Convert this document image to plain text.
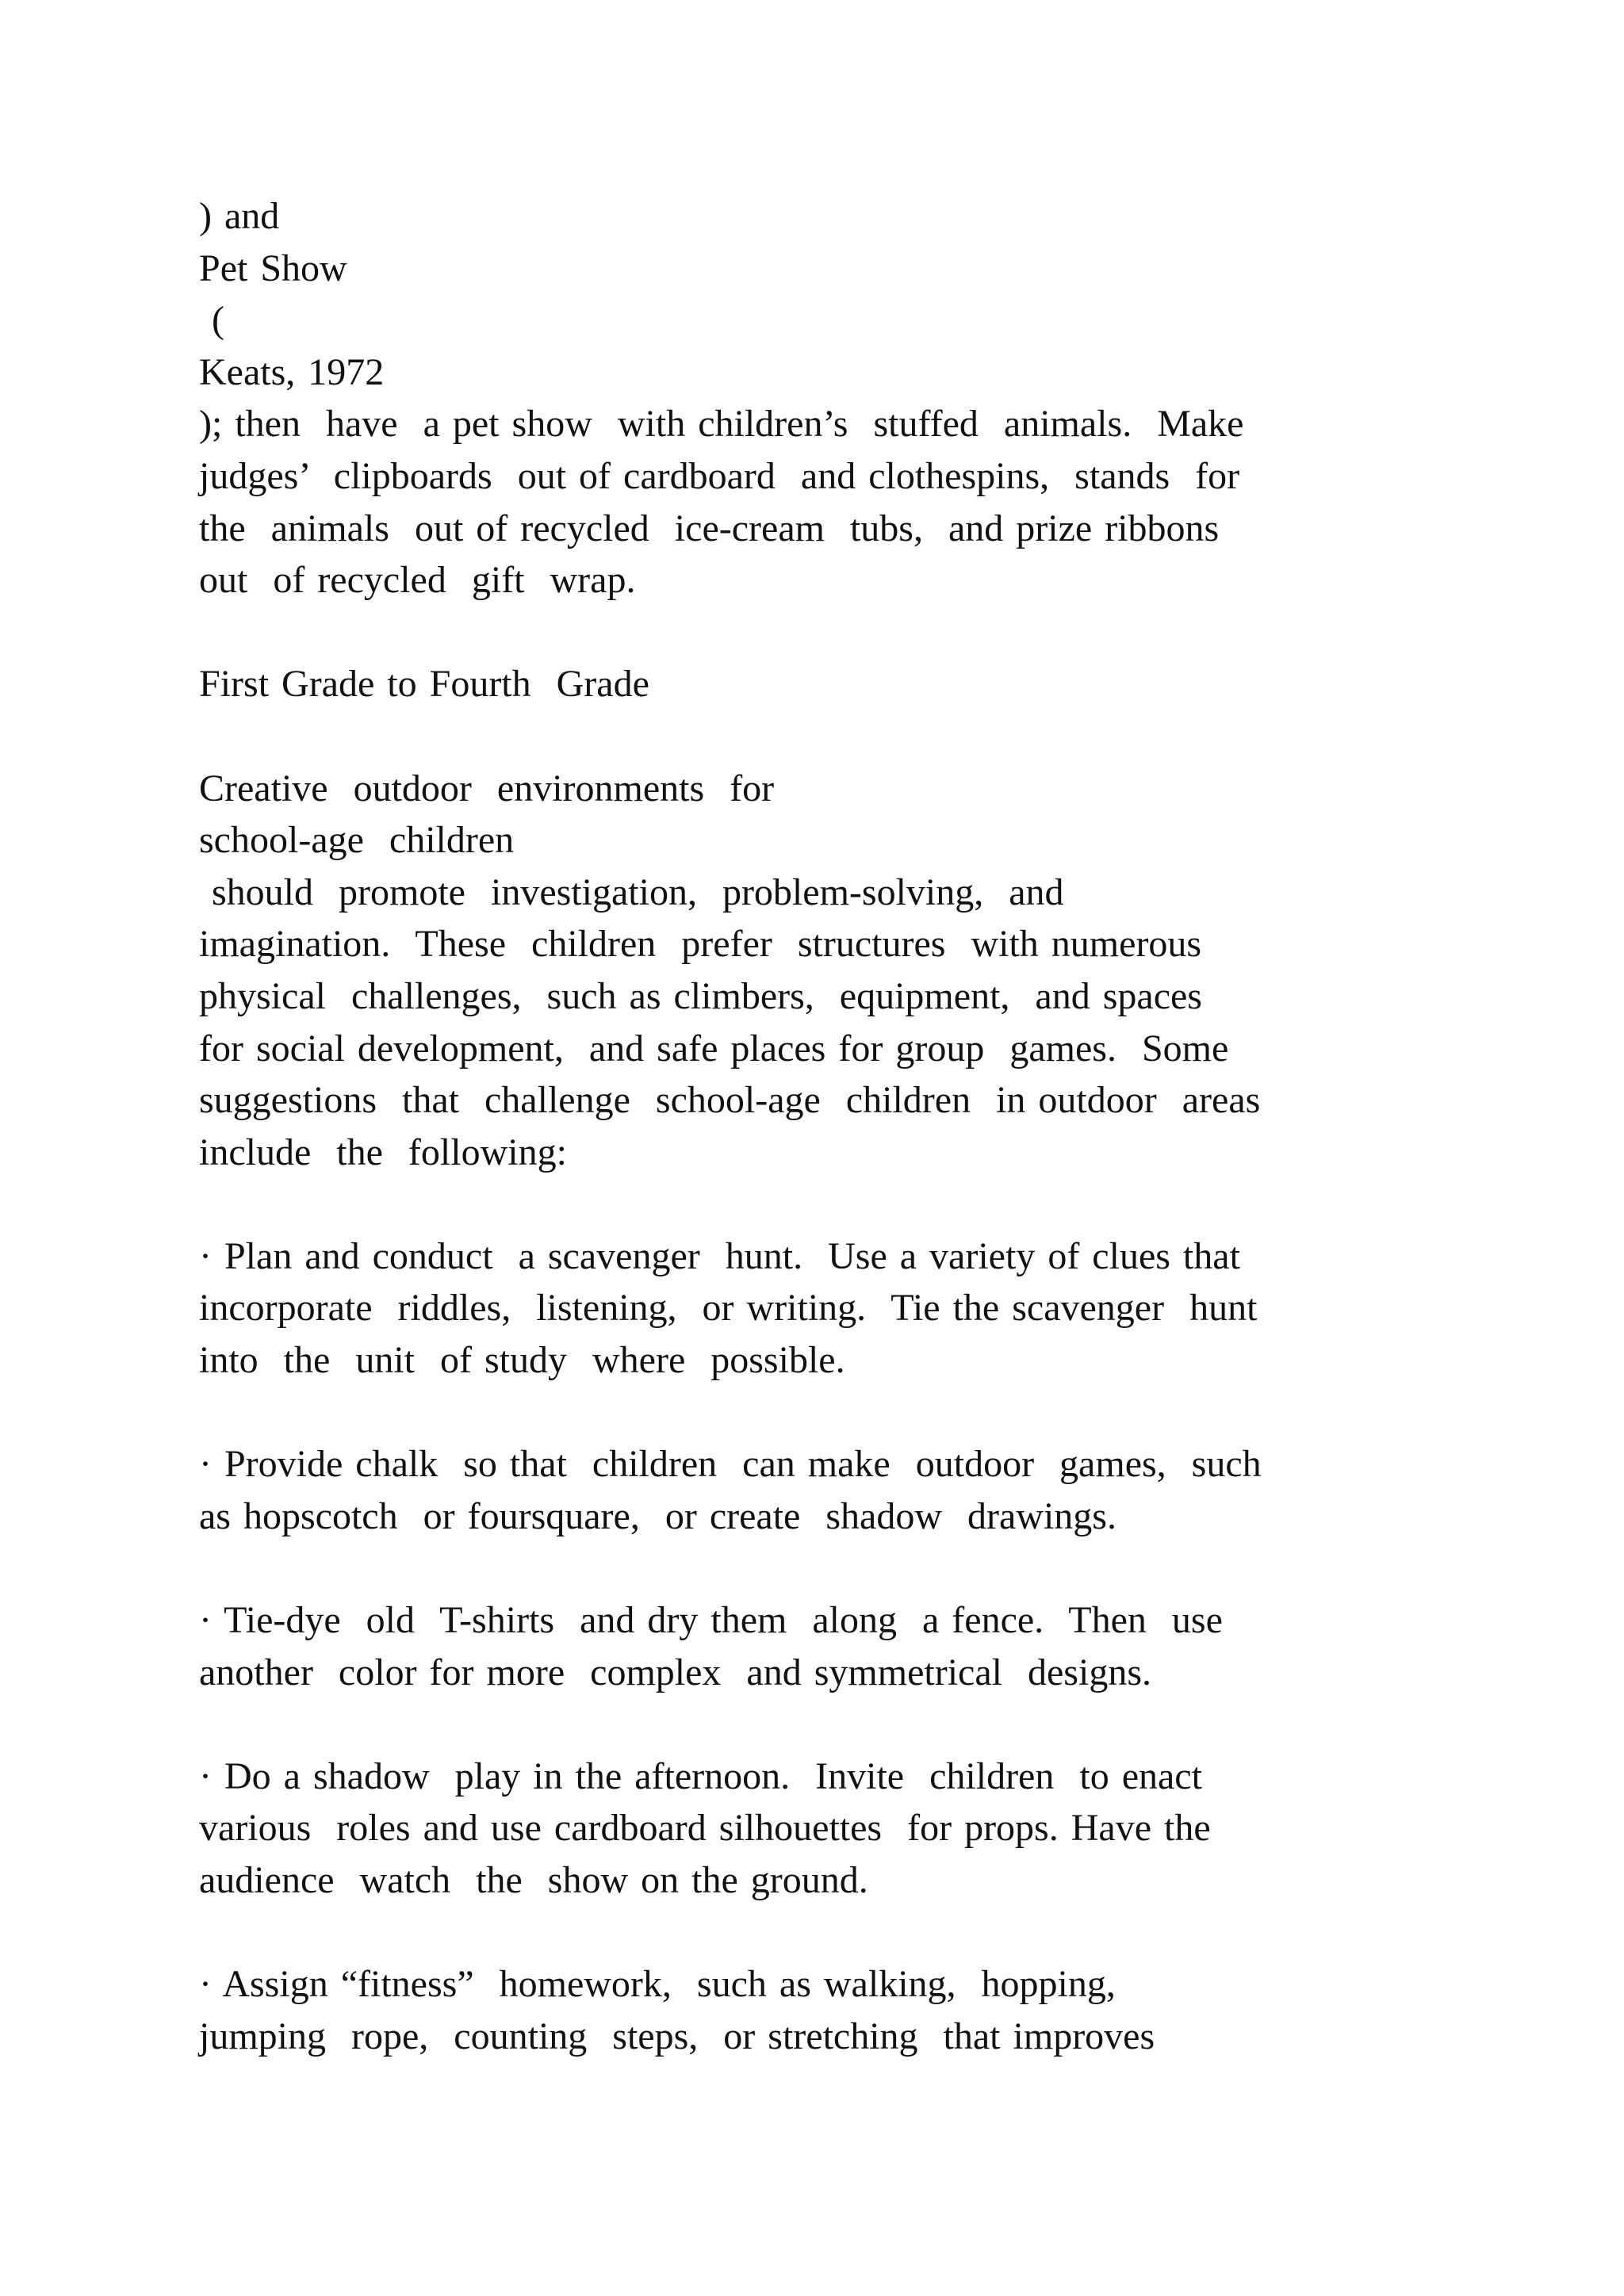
) and
Pet Show
(
Keats, 1972
); then  have  a pet show  with children’s  stuffed  animals.  Make
judges’  clipboards  out of cardboard  and clothespins,  stands  for
the  animals  out of recycled  ice-cream  tubs,  and prize ribbons
out  of recycled  gift  wrap.
First Grade to Fourth  Grade
Creative  outdoor  environments  for
school-age  children
should  promote  investigation,  problem-solving,  and
imagination.  These  children  prefer  structures  with numerous
physical  challenges,  such as climbers,  equipment,  and spaces
for social development,  and safe places for group  games.  Some
suggestions  that  challenge  school-age  children  in outdoor  areas
include  the  following:
· Plan and conduct  a scavenger  hunt.  Use a variety of clues that
incorporate  riddles,  listening,  or writing.  Tie the scavenger  hunt
into  the  unit  of study  where  possible.
· Provide chalk  so that  children  can make  outdoor  games,  such
as hopscotch  or foursquare,  or create  shadow  drawings.
· Tie-dye  old  T-shirts  and dry them  along  a fence.  Then  use
another  color for more  complex  and symmetrical  designs.
· Do a shadow  play in the afternoon.  Invite  children  to enact
various  roles and use cardboard silhouettes  for props. Have the
audience  watch  the  show on the ground.
· Assign “fitness”  homework,  such as walking,  hopping,
jumping  rope,  counting  steps,  or stretching  that improves
